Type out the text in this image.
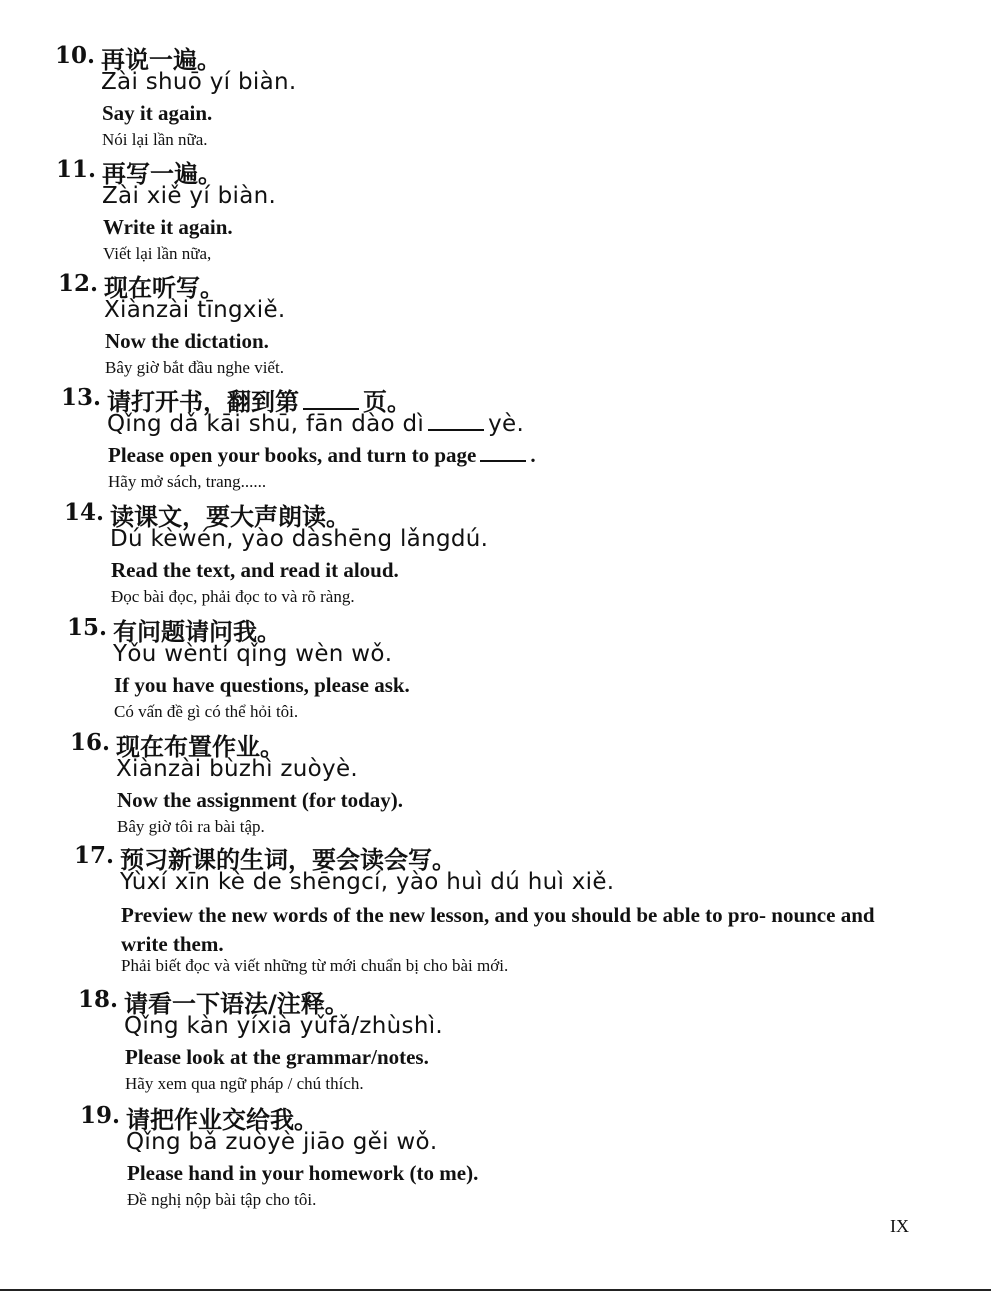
10. 再说一遍。
Zài shuō yí biàn.
Say it again.
Nói lại lần nữa.
11. 再写一遍。
Zài xiě yí biàn.
Write it again.
Viết lại lần nữa,
12. 现在听写。
Xiànzài tīngxiě.
Now the dictation.
Bây giờ bắt đầu nghe viết.
13. 请打开书，翻到第	页。
Qǐng dǎ kāi shū, fān dào dì	yè.
Please open your books, and turn to page	.
Hãy mở sách, trang......
14. 读课文，要大声朗读。
Dú kèwén, yào dàshēng lǎngdú.
Read the text, and read it aloud.
Đọc bài đọc, phải đọc to và rõ ràng.
15. 有问题请问我。
Yǒu wèntí qǐng wèn wǒ.
If you have questions, please ask.
Có vấn đề gì có thể hỏi tôi.
16. 现在布置作业。
Xiànzài bùzhì zuòyè.
Now the assignment (for today).
Bây giờ tôi ra bài tập.
17. 预习新课的生词，要会读会写。
Yùxí xīn kè de shēngcí, yào huì dú huì xiě.
Preview the new words of the new lesson, and you should be able to pro- nounce and write them.
Phải biết đọc và viết những từ mới chuẩn bị cho bài mới.
18. 请看一下语法/注释。
Qǐng kàn yíxià yǔfǎ/zhùshì.
Please look at the grammar/notes.
Hãy xem qua ngữ pháp / chú thích.
19. 请把作业交给我。
Qǐng bǎ zuòyè jiāo gěi wǒ.
Please hand in your homework (to me).
Đề nghị nộp bài tập cho tôi.
IX
